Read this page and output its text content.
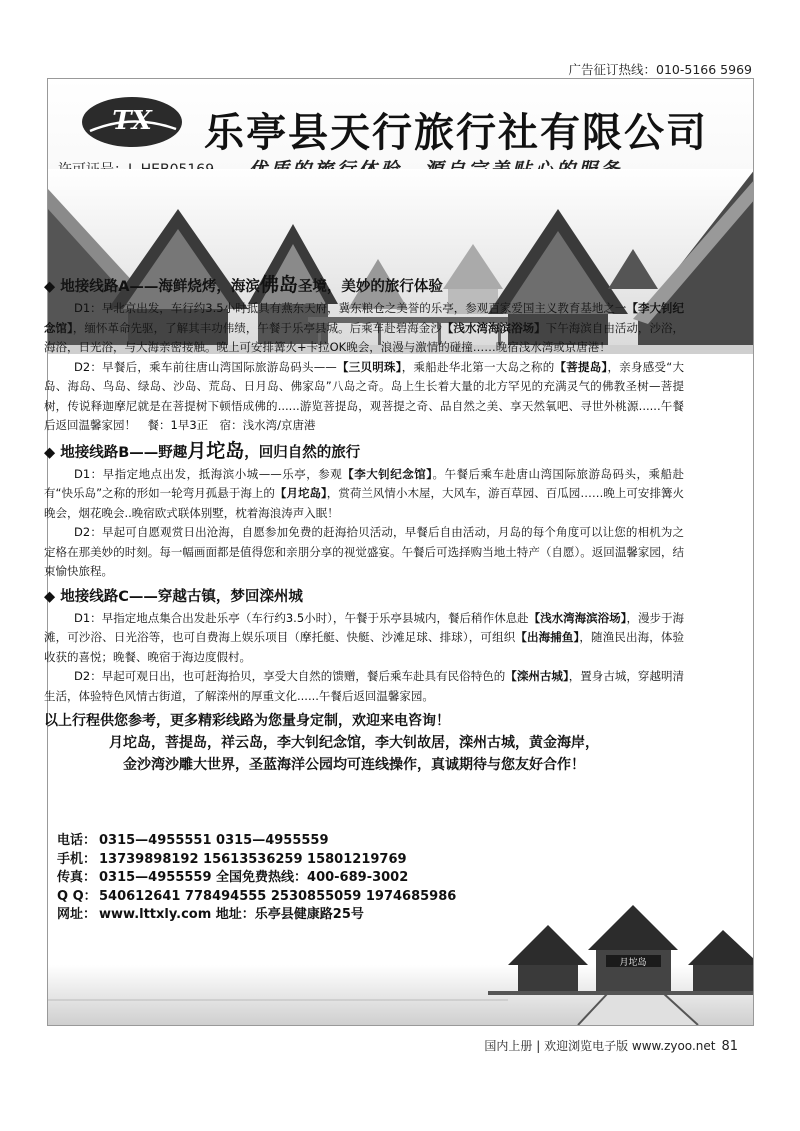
广告征订热线：010-5166 5969
TX 乐亭县天行旅行社有限公司
月坨岛
◆ 地接线路A——海鲜烧烤，海滨佛岛圣境，美妙的旅行体验
D1：早北京出发，车行约3.5小时抵具有燕东天府，冀东粮仓之美誉的乐亭，参观百家爱国主义教育基地之一【李大钊纪念馆】，缅怀革命先驱，了解其丰功伟绩，午餐于乐亭县城。后乘车赴碧海金沙【浅水湾海滨浴场】下午海滨自由活动，沙浴，海浴，日光浴，与大海亲密接触。晚上可安排篝火+卡拉OK晚会，浪漫与激情的碰撞……晚宿浅水湾或京唐港！
D2：早餐后，乘车前往唐山湾国际旅游岛码头——【三贝明珠】，乘船赴华北第一大岛之称的【菩提岛】，亲身感受“大岛、海岛、鸟岛、绿岛、沙岛、荒岛、日月岛、佛家岛”八岛之奇。岛上生长着大量的北方罕见的充满灵气的佛教圣树—菩提树，传说释迦摩尼就是在菩提树下顿悟成佛的......游览菩提岛，观菩提之奇、品自然之美、享天然氧吧、寻世外桃源......午餐后返回温馨家园！　餐：1早3正　宿：浅水湾/京唐港
◆ 地接线路B——野趣月坨岛，回归自然的旅行
D1：早指定地点出发，抵海滨小城——乐亭，参观【李大钊纪念馆】。午餐后乘车赴唐山湾国际旅游岛码头，乘船赴有“快乐岛”之称的形如一轮弯月孤悬于海上的【月坨岛】，赏荷兰风情小木屋，大风车，游百草园、百瓜园……晚上可安排篝火晚会，烟花晚会..晚宿欧式联体别墅，枕着海浪涛声入眠！
D2：早起可自愿观赏日出沧海，自愿参加免费的赶海拾贝活动，早餐后自由活动，月岛的每个角度可以让您的相机为之定格在那美妙的时刻。每一幅画面都是值得您和亲朋分享的视觉盛宴。午餐后可选择购当地土特产（自愿）。返回温馨家园，结束愉快旅程。
◆ 地接线路C——穿越古镇，梦回滦州城
D1：早指定地点集合出发赴乐亭（车行约3.5小时），午餐于乐亭县城内，餐后稍作休息赴【浅水湾海滨浴场】，漫步于海滩，可沙浴、日光浴等，也可自费海上娱乐项目（摩托艇、快艇、沙滩足球、排球），可组织【出海捕鱼】，随渔民出海，体验收获的喜悦；晚餐、晚宿于海边度假村。
D2：早起可观日出，也可赶海拾贝，享受大自然的馈赠，餐后乘车赴具有民俗特色的【滦州古城】，置身古城，穿越明清生活，体验特色风情古街道，了解滦州的厚重文化......午餐后返回温馨家园。
以上行程供您参考，更多精彩线路为您量身定制，欢迎来电咨询！
月坨岛，菩提岛，祥云岛，李大钊纪念馆，李大钊故居，滦州古城，黄金海岸，
金沙湾沙雕大世界，圣蓝海洋公园均可连线操作，真诚期待与您友好合作！
电话： 0315—4955551 0315—4955559
手机： 13739898192 15613536259 15801219769
传真： 0315—4955559 全国免费热线：400-689-3002
Q Q： 540612641 778494555 2530855059 1974685986
网址： www.lttxly.com 地址：乐亭县健康路25号
国内上册 | 欢迎浏览电子版 www.zyoo.net 81
